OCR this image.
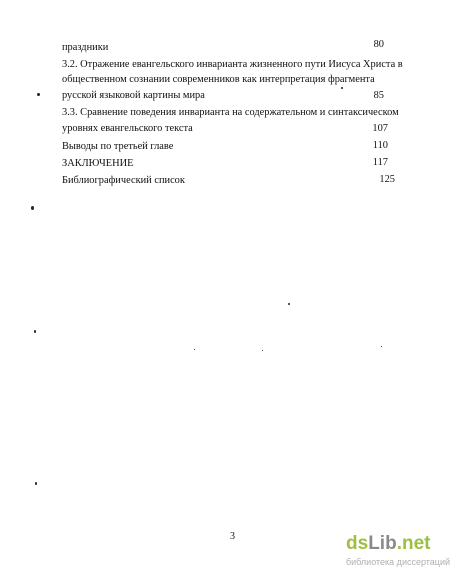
праздники	80
3.2. Отражение евангельского инварианта жизненного пути Иисуса Христа в
общественном сознании современников как интерпретация фрагмента
русской языковой картины мира	85
3.3. Сравнение поведения инварианта на содержательном и синтаксическом
уровнях евангельского текста	107
Выводы по третьей главе	110
ЗАКЛЮЧЕНИЕ	117
Библиографический список	125
3	dsLib.net
библиотека диссертаций
